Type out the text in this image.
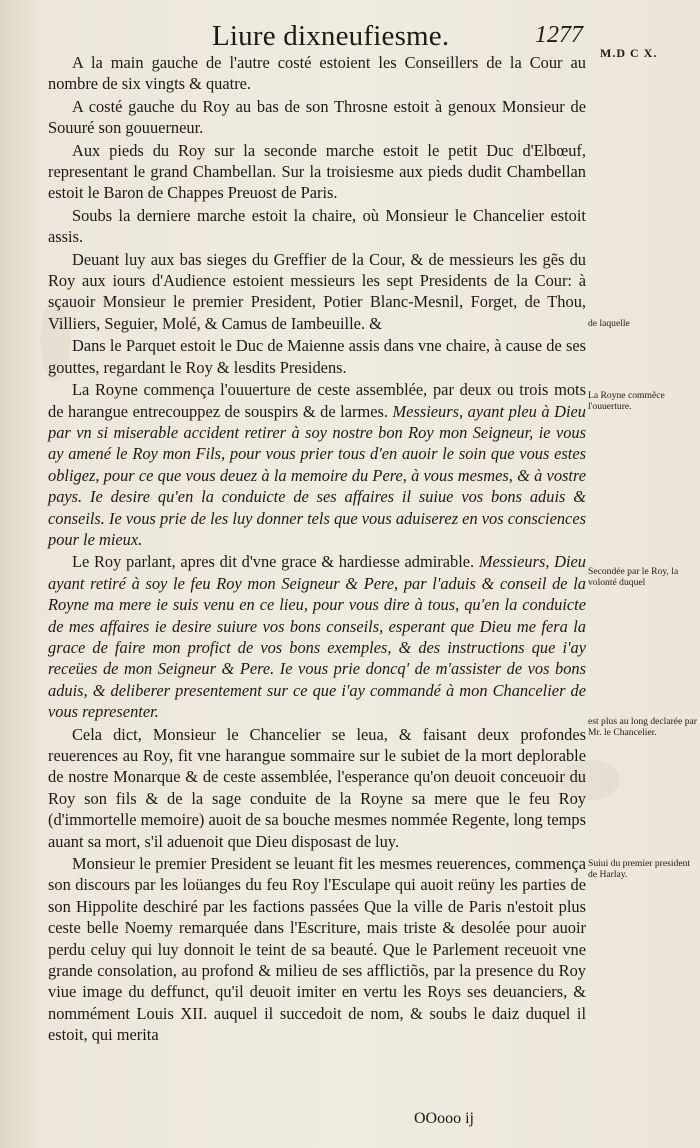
Liure dixneufiesme.	1277
M.D C X.

A la main gauche de l'autre costé estoient les Conseillers de la Cour au nombre de six vingts & quatre.

A costé gauche du Roy au bas de son Throsne estoit à genoux Monsieur de Souuré son gouuerneur.

Aux pieds du Roy sur la seconde marche estoit le petit Duc d'Elbœuf, representant le grand Chambellan. Sur la troisiesme aux pieds dudit Chambellan estoit le Baron de Chappes Preuost de Paris.

Soubs la derniere marche estoit la chaire, où Monsieur le Chancelier estoit assis.

Deuant luy aux bas sieges du Greffier de la Cour, & de messieurs les gẽs du Roy aux iours d'Audience estoient messieurs les sept Presidents de la Cour: à sçauoir Monsieur le premier President, Potier Blanc-Mesnil, Forget, de Thou, Villiers, Seguier, Molé, & Camus de Iambeuille. &

Dans le Parquet estoit le Duc de Maienne assis dans vne chaire, à cause de ses gouttes, regardant le Roy & lesdits Presidens.

La Royne commença l'ouuerture de ceste assemblée, par deux ou trois mots de harangue entrecouppez de souspirs & de larmes. Messieurs, ayant pleu à Dieu par vn si miserable accident retirer à soy nostre bon Roy mon Seigneur, ie vous ay amené le Roy mon Fils, pour vous prier tous d'en auoir le soin que vous estes obligez, pour ce que vous deuez à la memoire du Pere, à vous mesmes, & à vostre pays. Ie desire qu'en la conduicte de ses affaires il suiue vos bons aduis & conseils. Ie vous prie de les luy donner tels que vous aduiserez en vos consciences pour le mieux.

Le Roy parlant, apres dit d'vne grace & hardiesse admirable. Messieurs, Dieu ayant retiré à soy le feu Roy mon Seigneur & Pere, par l'aduis & conseil de la Royne ma mere ie suis venu en ce lieu, pour vous dire à tous, qu'en la conduicte de mes affaires ie desire suiure vos bons conseils, esperant que Dieu me fera la grace de faire mon profict de vos bons exemples, & des instructions que i'ay receües de mon Seigneur & Pere. Ie vous prie doncq' de m'assister de vos bons aduis, & deliberer presentement sur ce que i'ay commandé à mon Chancelier de vous representer.

Cela dict, Monsieur le Chancelier se leua, & faisant deux profondes reuerences au Roy, fit vne harangue sommaire sur le subiet de la mort deplorable de nostre Monarque & de ceste assemblée, l'esperance qu'on deuoit conceuoir du Roy son fils & de la sage conduite de la Royne sa mere que le feu Roy (d'immortelle memoire) auoit de sa bouche mesmes nommée Regente, long temps auant sa mort, s'il aduenoit que Dieu disposast de luy.

Monsieur le premier President se leuant fit les mesmes reuerences, commença son discours par les loüanges du feu Roy l'Esculape qui auoit reüny les parties de son Hippolite deschiré par les factions passées Que la ville de Paris n'estoit plus ceste belle Noemy remarquée dans l'Escriture, mais triste & desolée pour auoir perdu celuy qui luy donnoit le teint de sa beauté. Que le Parlement receuoit vne grande consolation, au profond & milieu de ses afflictiõs, par la presence du Roy viue image du deffunct, qu'il deuoit imiter en vertu les Roys ses deuanciers, & nommément Louis XII. auquel il succedoit de nom, & soubs le daiz duquel il estoit, qui merita

de laquelle
La Royne commẽce l'ouuerture.
Secondée par le Roy, la volonté duquel
est plus au long declarée par Mr. le Chancelier.
Suiui du premier president de Harlay.
OOooo ij
